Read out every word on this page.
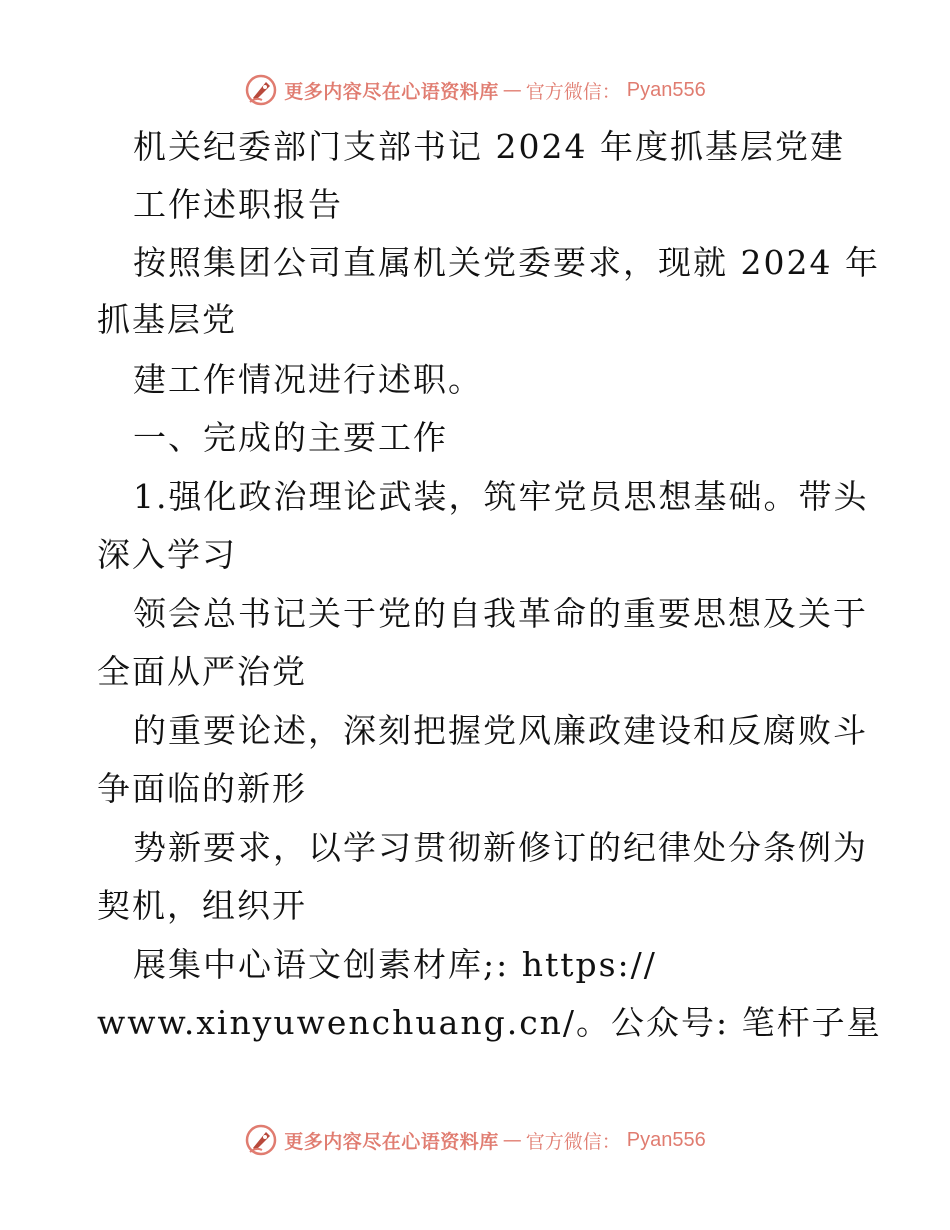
更多内容尽在心语资料库 — 官方微信： Pyan556
机关纪委部门支部书记 2024 年度抓基层党建
工作述职报告
按照集团公司直属机关党委要求，现就 2024 年
抓基层党
建工作情况进行述职。
一、完成的主要工作
1.强化政治理论武装，筑牢党员思想基础。带头
深入学习
领会总书记关于党的自我革命的重要思想及关于
全面从严治党
的重要论述，深刻把握党风廉政建设和反腐败斗
争面临的新形
势新要求，以学习贯彻新修订的纪律处分条例为
契机，组织开
展集中心语文创素材库;: https://
www.xinyuwenchuang.cn/。公众号: 笔杆子星
更多内容尽在心语资料库 — 官方微信： Pyan556
